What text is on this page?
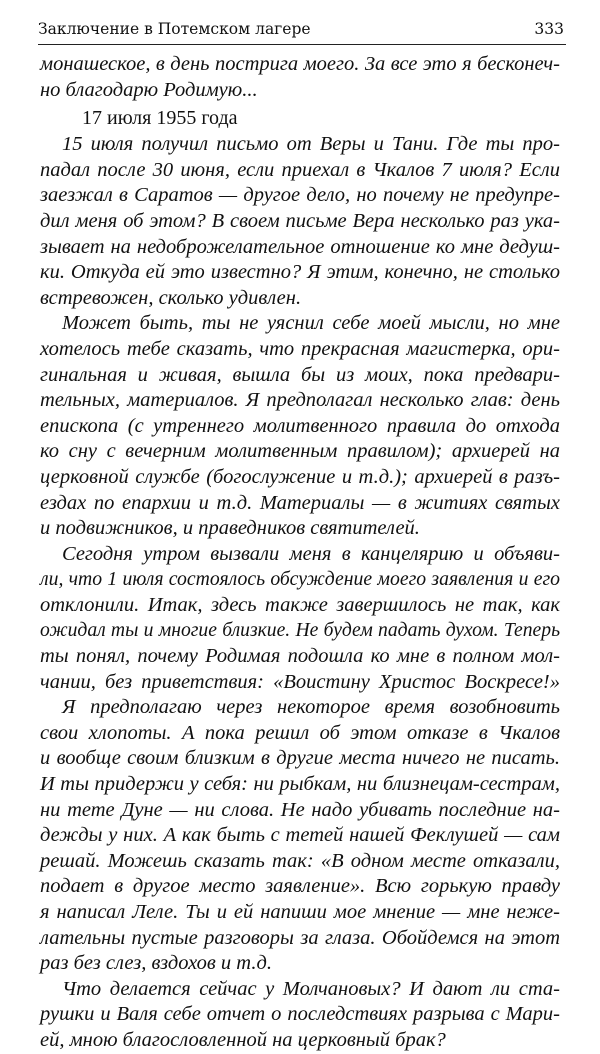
Заключение в Потемском лагере	333
монашеское, в день пострига моего. За все это я бесконеч-
но благодарю Родимую...
17 июля 1955 года
15 июля получил письмо от Веры и Тани. Где ты про-
падал после 30 июня, если приехал в Чкалов 7 июля? Если
заезжал в Саратов — другое дело, но почему не предупре-
дил меня об этом? В своем письме Вера несколько раз ука-
зывает на недоброжелательное отношение ко мне дедуш-
ки. Откуда ей это известно? Я этим, конечно, не столько
встревожен, сколько удивлен.
Может быть, ты не уяснил себе моей мысли, но мне
хотелось тебе сказать, что прекрасная магистерка, ори-
гинальная и живая, вышла бы из моих, пока предвари-
тельных, материалов. Я предполагал несколько глав: день
епископа (с утреннего молитвенного правила до отхода
ко сну с вечерним молитвенным правилом); архиерей на
церковной службе (богослужение и т.д.); архиерей в разъ-
ездах по епархии и т.д. Материалы — в житиях святых
и подвижников, и праведников святителей.
Сегодня утром вызвали меня в канцелярию и объяви-
ли, что 1 июля состоялось обсуждение моего заявления и его
отклонили. Итак, здесь также завершилось не так, как
ожидал ты и многие близкие. Не будем падать духом. Теперь
ты понял, почему Родимая подошла ко мне в полном мол-
чании, без приветствия: «Воистину Христос Воскресе!»
Я предполагаю через некоторое время возобновить
свои хлопоты. А пока решил об этом отказе в Чкалов
и вообще своим близким в другие места ничего не писать.
И ты придержи у себя: ни рыбкам, ни близнецам-сестрам,
ни тете Дуне — ни слова. Не надо убивать последние на-
дежды у них. А как быть с тетей нашей Феклушей — сам
решай. Можешь сказать так: «В одном месте отказали,
подает в другое место заявление». Всю горькую правду
я написал Леле. Ты и ей напиши мое мнение — мне неже-
лательны пустые разговоры за глаза. Обойдемся на этот
раз без слез, вздохов и т.д.
Что делается сейчас у Молчановых? И дают ли ста-
рушки и Валя себе отчет о последствиях разрыва с Мари-
ей, мною благословленной на церковный брак?
